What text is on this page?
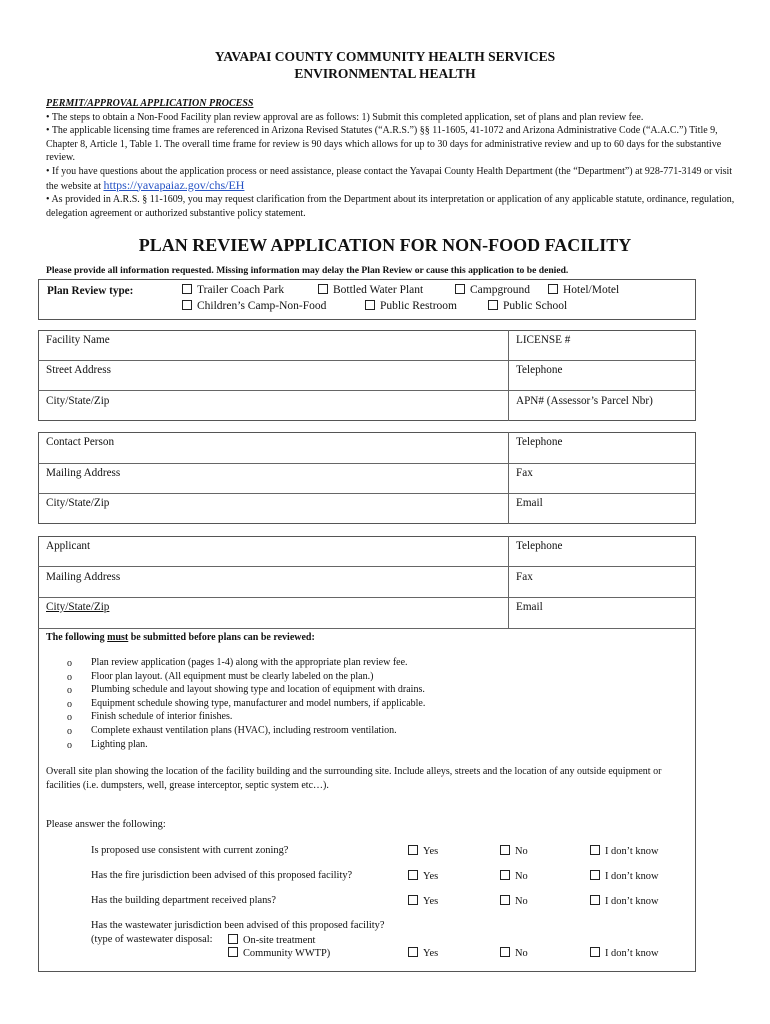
YAVAPAI COUNTY COMMUNITY HEALTH SERVICES
ENVIRONMENTAL HEALTH
PERMIT/APPROVAL APPLICATION PROCESS

• The steps to obtain a Non-Food Facility plan review approval are as follows: 1) Submit this completed application, set of plans and plan review fee.

• The applicable licensing time frames are referenced in Arizona Revised Statutes (“A.R.S.”) §§ 11-1605, 41-1072 and Arizona Administrative Code (“A.A.C.”) Title 9, Chapter 8, Article 1, Table 1. The overall time frame for review is 90 days which allows for up to 30 days for administrative review and up to 60 days for the substantive review.

• If you have questions about the application process or need assistance, please contact the Yavapai County Health Department (the “Department”) at 928-771-3149 or visit the website at https://yavapaiaz.gov/chs/EH

• As provided in A.R.S. § 11-1609, you may request clarification from the Department about its interpretation or application of any applicable statute, ordinance, regulation, delegation agreement or authorized substantive policy statement.

PLAN REVIEW APPLICATION FOR NON-FOOD FACILITY
Please provide all information requested. Missing information may delay the Plan Review or cause this application to be denied.
Plan Review type:	Trailer Coach Park	Bottled Water Plant	Campground	Hotel/Motel
Children’s Camp-Non-Food	Public Restroom	Public School
Facility Name	LICENSE #
Street Address	Telephone
City/State/Zip	APN# (Assessor’s Parcel Nbr)
Contact Person	Telephone
Mailing Address	Fax
City/State/Zip	Email
Applicant	Telephone
Mailing Address	Fax
City/State/Zip	Email
The following must be submitted before plans can be reviewed:
o Plan review application (pages 1-4) along with the appropriate plan review fee.
o Floor plan layout. (All equipment must be clearly labeled on the plan.)
o Plumbing schedule and layout showing type and location of equipment with drains.
o Equipment schedule showing type, manufacturer and model numbers, if applicable.
o Finish schedule of interior finishes.
o Complete exhaust ventilation plans (HVAC), including restroom ventilation.
o Lighting plan.
Overall site plan showing the location of the facility building and the surrounding site. Include alleys, streets and the location of any outside equipment or facilities (i.e. dumpsters, well, grease interceptor, septic system etc…).
Please answer the following:
Is proposed use consistent with current zoning?	Yes	No	I don’t know
Has the fire jurisdiction been advised of this proposed facility?	Yes	No	I don’t know
Has the building department received plans?	Yes	No	I don’t know
Has the wastewater jurisdiction been advised of this proposed facility?
(type of wastewater disposal:	On-site treatment
Community WWTP)	Yes	No	I don’t know
